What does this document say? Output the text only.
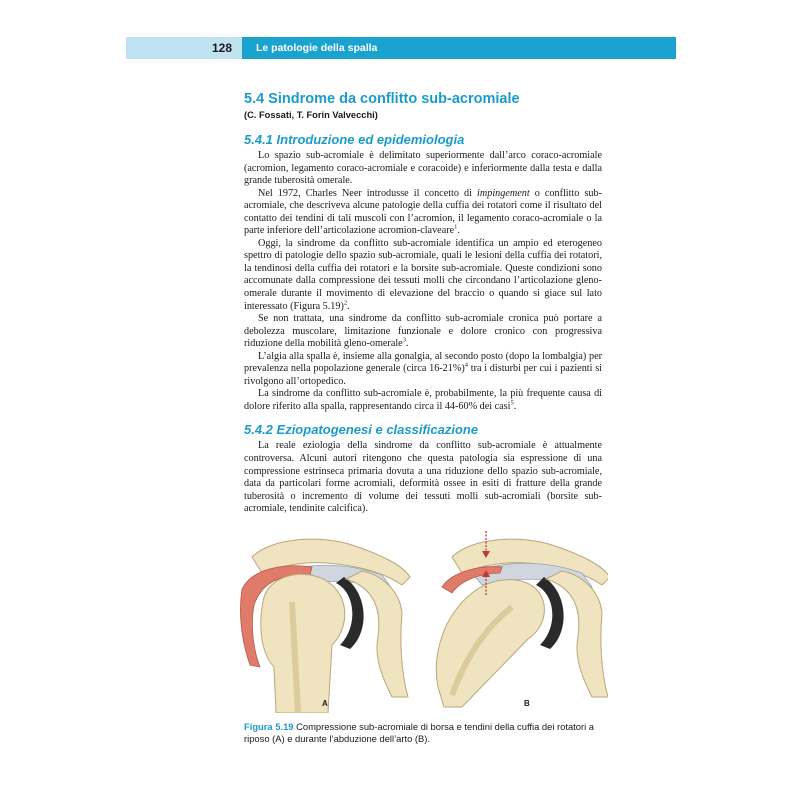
128	Le patologie della spalla
5.4 Sindrome da conflitto sub-acromiale
(C. Fossati, T. Forin Valvecchi)
5.4.1 Introduzione ed epidemiologia

Lo spazio sub-acromiale è delimitato superiormente dall’arco coraco-acromiale (acromion, legamento coraco-acromiale e coracoide) e inferiormente dalla testa e dalla grande tuberosità omerale.

Nel 1972, Charles Neer introdusse il concetto di impingement o conflitto sub-acromiale, che descriveva alcune patologie della cuffia dei rotatori come il risultato del contatto dei tendini di tali muscoli con l’acromion, il legamento coraco-acromiale o la parte inferiore dell’articolazione acromion-claveare$^1$.

Oggi, la sindrome da conflitto sub-acromiale identifica un ampio ed eterogeneo spettro di patologie dello spazio sub-acromiale, quali le lesioni della cuffia dei rotatori, la tendinosi della cuffia dei rotatori e la borsite sub-acromiale. Queste condizioni sono accomunate dalla compressione dei tessuti molli che circondano l’articolazione gleno-omerale durante il movimento di elevazione del braccio o quando si giace sul lato interessato (Figura 5.19)$^2$.

Se non trattata, una sindrome da conflitto sub-acromiale cronica può portare a debolezza muscolare, limitazione funzionale e dolore cronico con progressiva riduzione della mobilità gleno-omerale$^3$.

L’algia alla spalla è, insieme alla gonalgia, al secondo posto (dopo la lombalgia) per prevalenza nella popolazione generale (circa 16-21%)$^4$ tra i disturbi per cui i pazienti si rivolgono all’ortopedico.

La sindrome da conflitto sub-acromiale è, probabilmente, la più frequente causa di dolore riferito alla spalla, rappresentando circa il 44-60% dei casi$^5$.

5.4.2 Eziopatogenesi e classificazione

La reale eziologia della sindrome da conflitto sub-acromiale è attualmente controversa. Alcuni autori ritengono che questa patologia sia espressione di una compressione estrinseca primaria dovuta a una riduzione dello spazio sub-acromiale, data da particolari forme acromiali, deformità ossee in esiti di fratture della grande tuberosità o incremento di volume dei tessuti molli sub-acromiali (borsite sub-acromiale, tendinite calcifica).

A	B
Figura 5.19 Compressione sub-acromiale di borsa e tendini della cuffia dei rotatori a riposo (A) e durante l’abduzione dell’arto (B).
